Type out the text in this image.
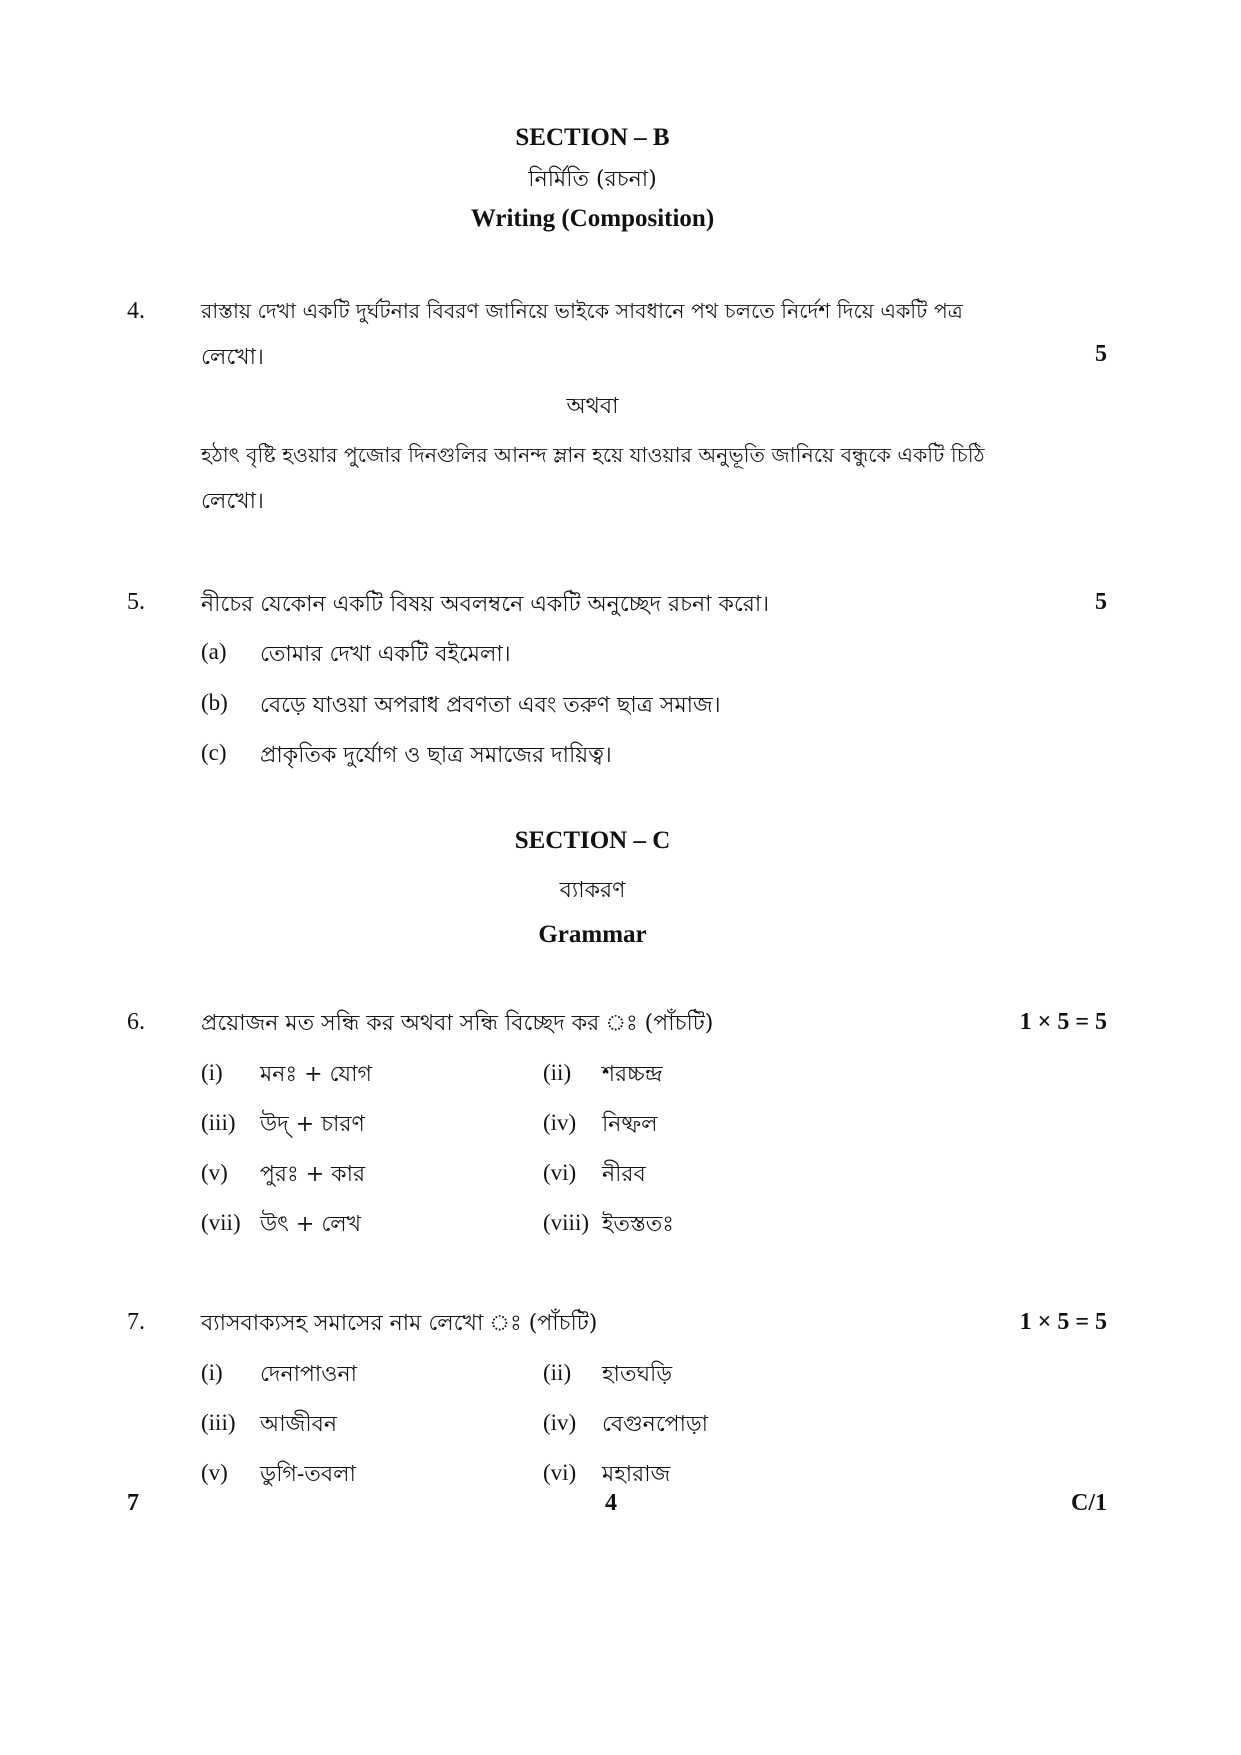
SECTION – B
নির্মিতি (রচনা)
Writing (Composition)
4.	রাস্তায় দেখা একটি দুর্ঘটনার বিবরণ জানিয়ে ভাইকে সাবধানে পথ চলতে নির্দেশ দিয়ে একটি পত্র
লেখো।	5
অথবা
হঠাৎ বৃষ্টি হওয়ার পুজোর দিনগুলির আনন্দ ম্লান হয়ে যাওয়ার অনুভূতি জানিয়ে বন্ধুকে একটি চিঠি
লেখো।
5.	নীচের যেকোন একটি বিষয় অবলম্বনে একটি অনুচ্ছেদ রচনা করো।	5
(a) তোমার দেখা একটি বইমেলা।
(b) বেড়ে যাওয়া অপরাধ প্রবণতা এবং তরুণ ছাত্র সমাজ।
(c) প্রাকৃতিক দুর্যোগ ও ছাত্র সমাজের দায়িত্ব।
SECTION – C
ব্যাকরণ
Grammar
6.	প্রয়োজন মত সন্ধি কর অথবা সন্ধি বিচ্ছেদ কর ঃ (পাঁচটি)	1 × 5 = 5
(i) মনঃ + যোগ	(ii) শরচ্চন্দ্র
(iii) উদ্ + চারণ	(iv) নিষ্ফল
(v) পুরঃ + কার	(vi) নীরব
(vii) উৎ + লেখ	(viii) ইতস্ততঃ
7.	ব্যাসবাক্যসহ সমাসের নাম লেখো ঃ (পাঁচটি)	1 × 5 = 5
(i) দেনাপাওনা	(ii) হাতঘড়ি
(iii) আজীবন	(iv) বেগুনপোড়া
(v) ডুগি-তবলা	(vi) মহারাজ
7	4	C/1
